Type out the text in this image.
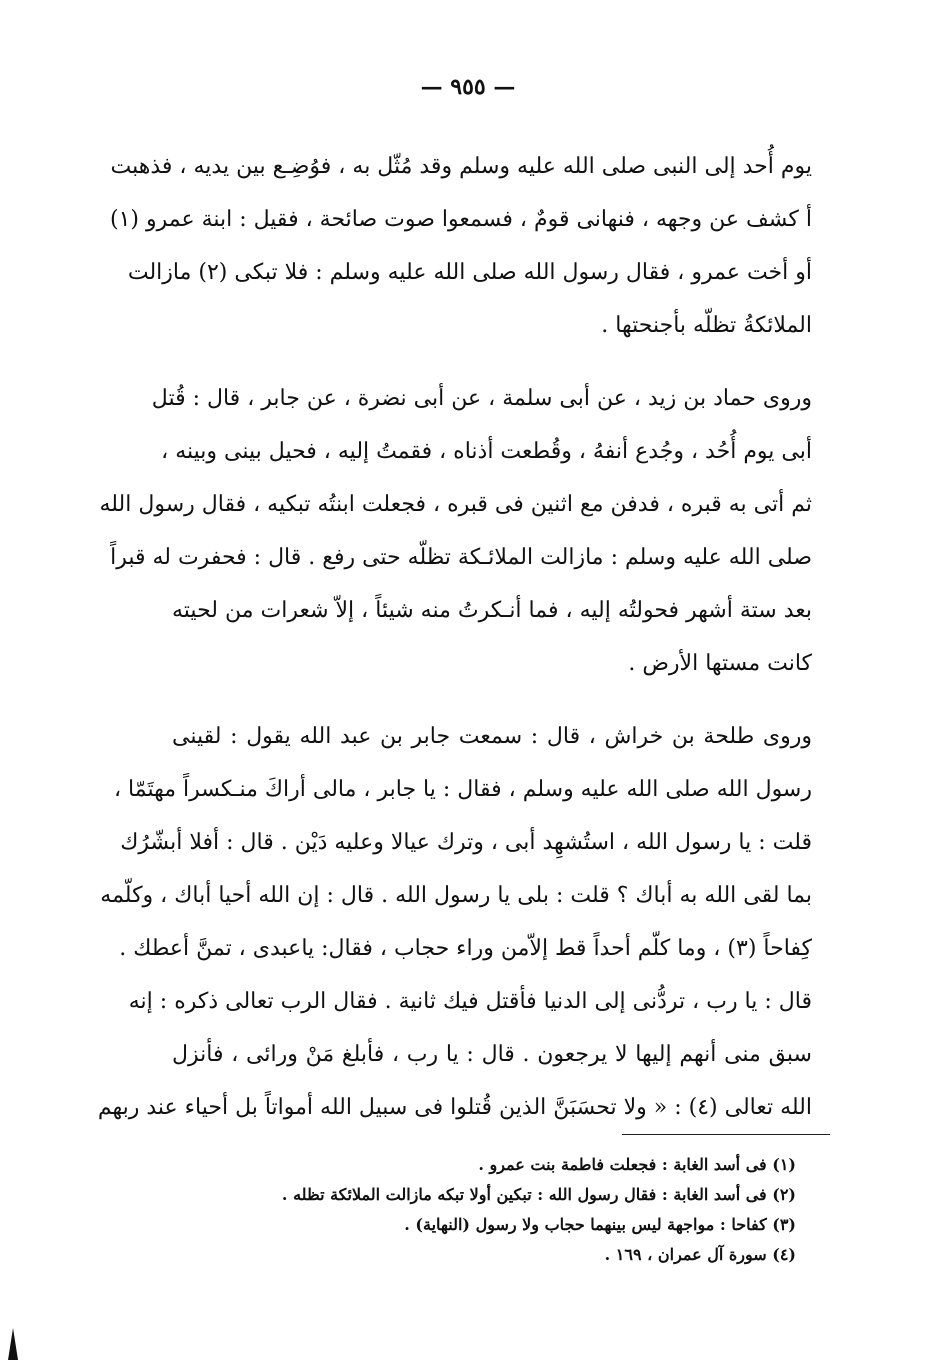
— ٩٥٥ —
يوم أُحد إلى النبى صلى الله عليه وسلم وقد مُثّل به ، فوُضِـع بين يديه ، فذهبت
أ كشف عن وجهه ، فنهانى قومٌ ، فسمعوا صوت صائحة ، فقيل : ابنة عمرو (١)
أو أخت عمرو ، فقال رسول الله صلى الله عليه وسلم : فلا تبكى (٢) مازالت
الملائكةُ تظلّه بأجنحتها .
وروى حماد بن زيد ، عن أبى سلمة ، عن أبى نضرة ، عن جابر ، قال : قُتل
أبى يوم أُحُد ، وجُدع أنفهُ ، وقُطعت أذناه ، فقمتُ إليه ، فحيل بينى وبينه ،
ثم أتى به قبره ، فدفن مع اثنين فى قبره ، فجعلت ابنتُه تبكيه ، فقال رسول الله
صلى الله عليه وسلم : مازالت الملائـكة تظلّه حتى رفع . قال : فحفرت له قبراً
بعد ستة أشهر فحولتُه إليه ، فما أنـكرتُ منه شيئاً ، إلاّ شعرات من لحيته
كانت مستها الأرض .
وروى طلحة بن خراش ، قال : سمعت جابر بن عبد الله يقول : لقينى
رسول الله صلى الله عليه وسلم ، فقال : يا جابر ، مالى أراكَ منـكسراً مهتَمّا ،
قلت : يا رسول الله ، استُشهِد أبى ، وترك عيالا وعليه دَيْن . قال : أفلا أبشّرُك
بما لقى الله به أباك ؟ قلت : بلى يا رسول الله . قال : إن الله أحيا أباك ، وكلّمه
كِفاحاً (٣) ، وما كلّم أحداً قط إلاّمن وراء حجاب ، فقال: ياعبدى ، تمنَّ أعطك .
قال : يا رب ، تردُّنى إلى الدنيا فأقتل فيك ثانية . فقال الرب تعالى ذكره : إنه
سبق منى أنهم إليها لا يرجعون . قال : يا رب ، فأبلغ مَنْ ورائى ، فأنزل
الله تعالى (٤) : « ولا تحسَبَنَّ الذين قُتلوا فى سبيل الله أمواتاً بل أحياء عند ربهم
(١) فى أسد الغابة : فجعلت فاطمة بنت عمرو .
(٢) فى أسد الغابة : فقال رسول الله : تبكين أولا تبكه مازالت الملائكة تظله .
(٣) كفاحا : مواجهة ليس بينهما حجاب ولا رسول (النهاية) .
(٤) سورة آل عمران ، ١٦٩ .
